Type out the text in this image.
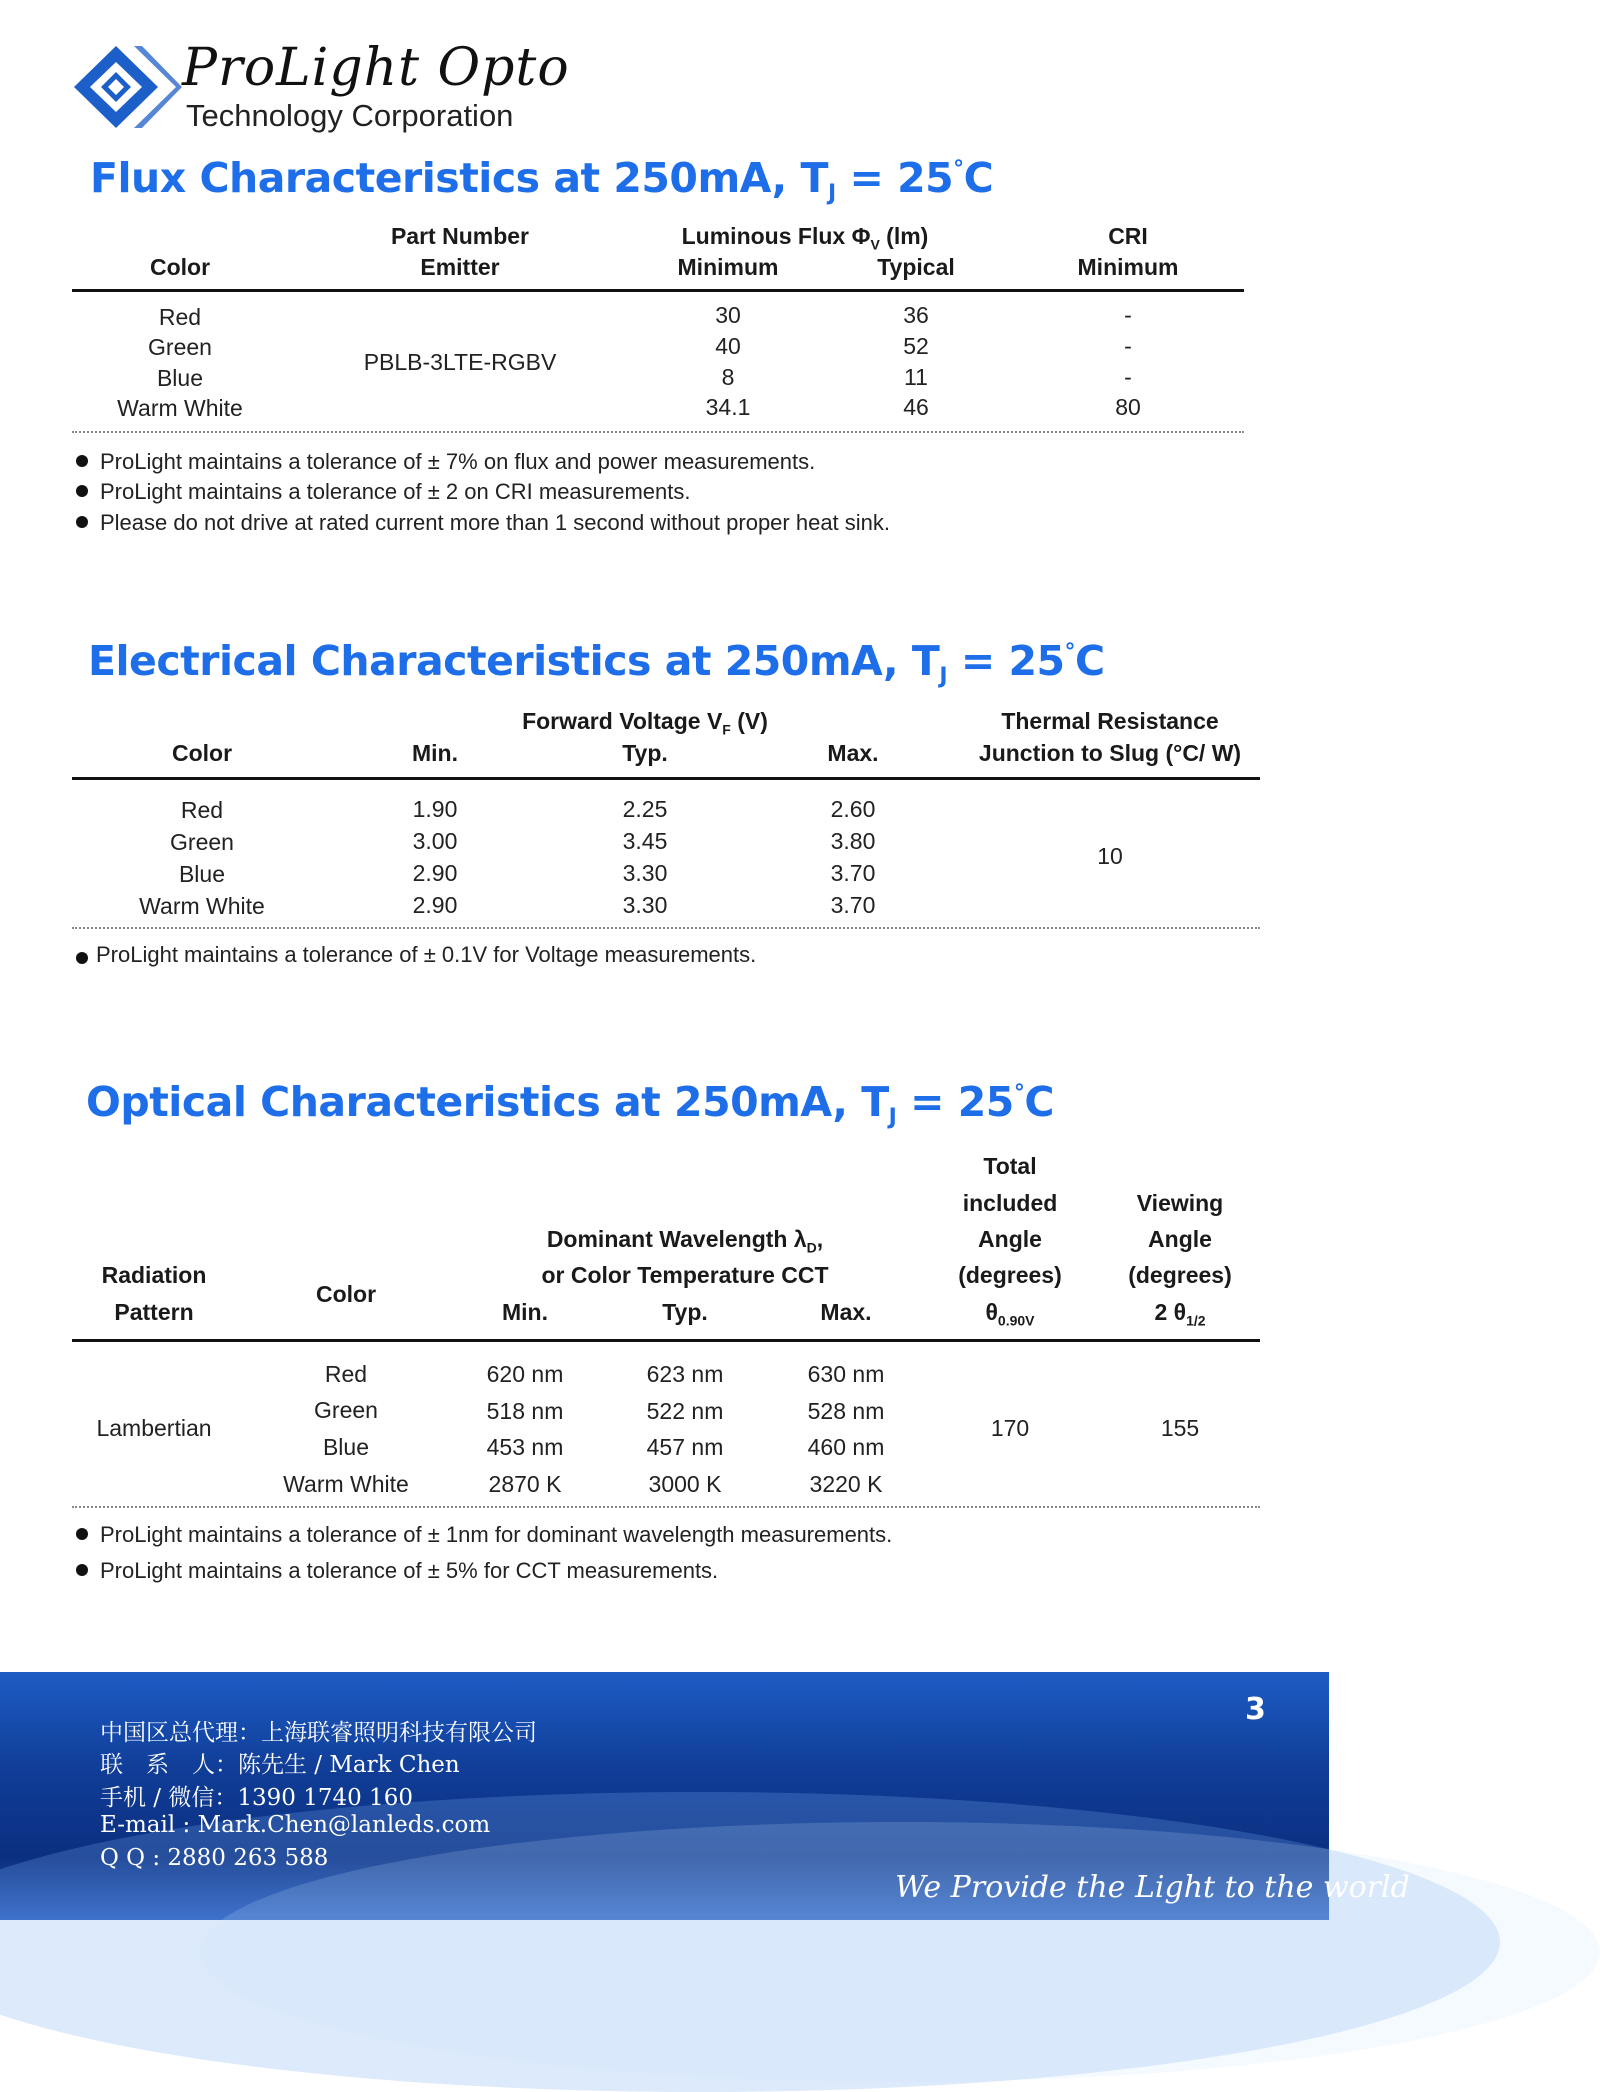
ProLight Opto
Technology Corporation
Flux Characteristics at 250mA, $T_J = 25^\circ C$
Color
Part Number
Emitter
Luminous Flux $\Phi_V$ (lm)
Minimum	Typical
CRI
Minimum
PBLB-3LTE-RGBV
Red	30	36	-
Green	40	52	-
Blue	8	11	-
Warm White	34.1	46	80
ProLight maintains a tolerance of ± 7% on flux and power measurements.
ProLight maintains a tolerance of ± 2 on CRI measurements.
Please do not drive at rated current more than 1 second without proper heat sink.
Electrical Characteristics at 250mA, $T_J = 25^\circ C$
Color
Forward Voltage $V_F$ (V)
Min.	Typ.	Max.
Thermal Resistance
Junction to Slug (°C/ W)
10
Red	1.90	2.25	2.60
Green	3.00	3.45	3.80
Blue	2.90	3.30	3.70
Warm White	2.90	3.30	3.70
ProLight maintains a tolerance of ± 0.1V for Voltage measurements.
Optical Characteristics at 250mA, $T_J = 25^\circ C$
Radiation
Pattern
Color
Dominant Wavelength $\lambda_D$,
or Color Temperature CCT
Min.	Typ.	Max.
Total
included
Angle
(degrees)
$\theta_{0.90V}$
Viewing
Angle
(degrees)
2 $\theta_{1/2}$
Lambertian	170	155
Red	620 nm	623 nm	630 nm
Green	518 nm	522 nm	528 nm
Blue	453 nm	457 nm	460 nm
Warm White	2870 K	3000 K	3220 K
ProLight maintains a tolerance of ± 1nm for dominant wavelength measurements.
ProLight maintains a tolerance of ± 5% for CCT measurements.
3
中国区总代理：上海联睿照明科技有限公司
联　系　人：陈先生 / Mark Chen
手机 / 微信：1390 1740 160
E-mail : Mark.Chen@lanleds.com
Q Q : 2880 263 588
We Provide the Light to the world
